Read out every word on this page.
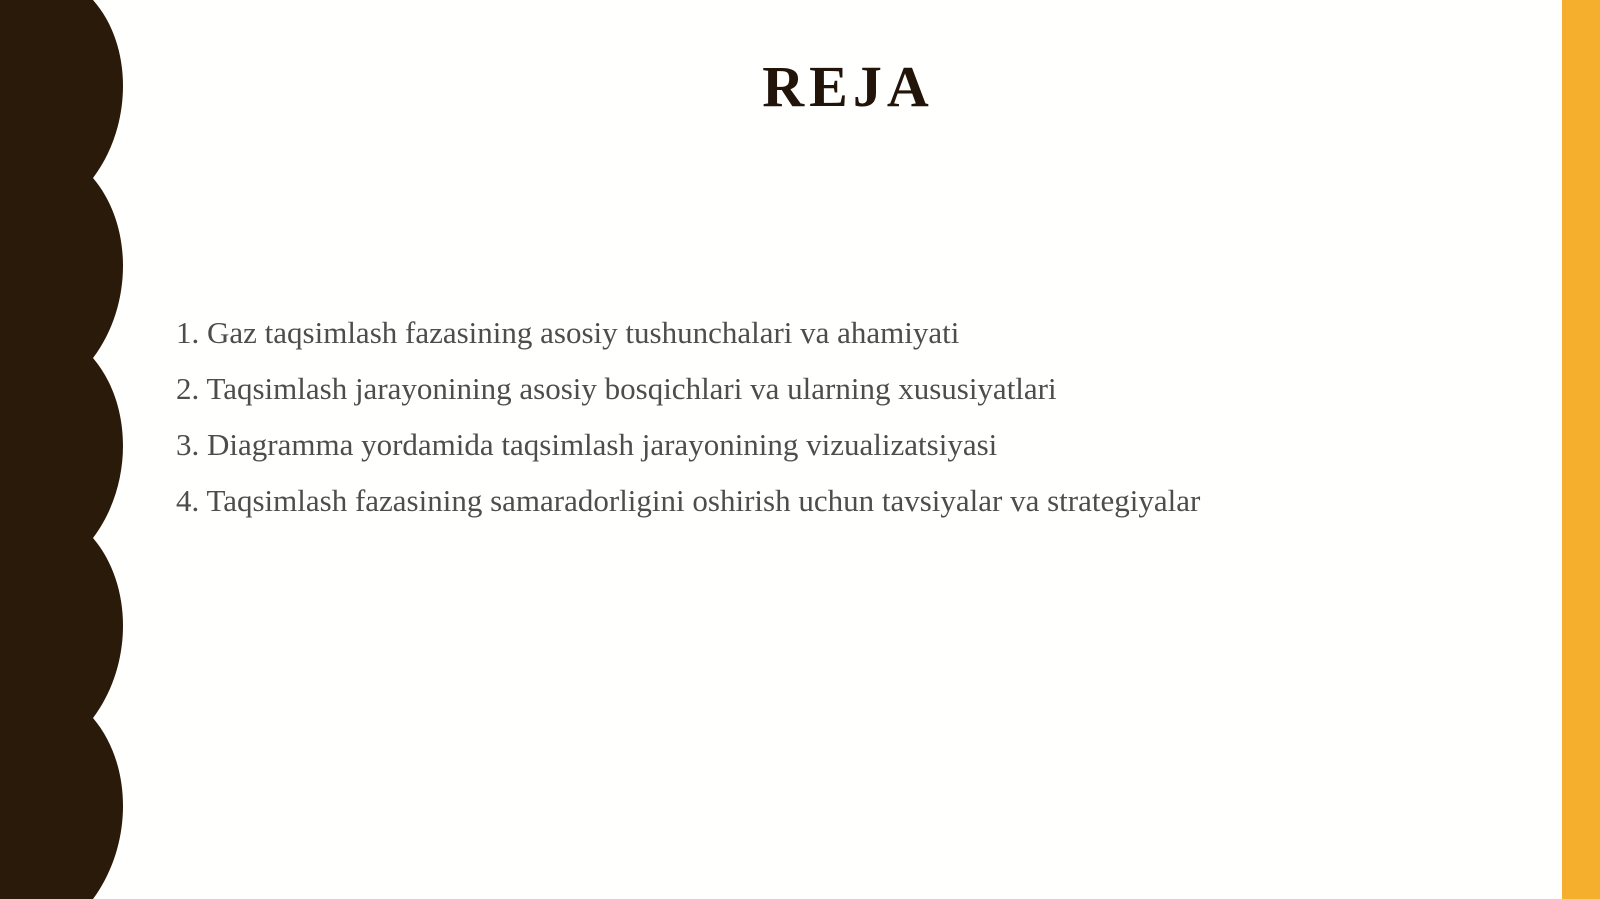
REJA
1. Gaz taqsimlash fazasining asosiy tushunchalari va ahamiyati
2. Taqsimlash jarayonining asosiy bosqichlari va ularning xususiyatlari
3. Diagramma yordamida taqsimlash jarayonining vizualizatsiyasi
4. Taqsimlash fazasining samaradorligini oshirish uchun tavsiyalar va strategiyalar
